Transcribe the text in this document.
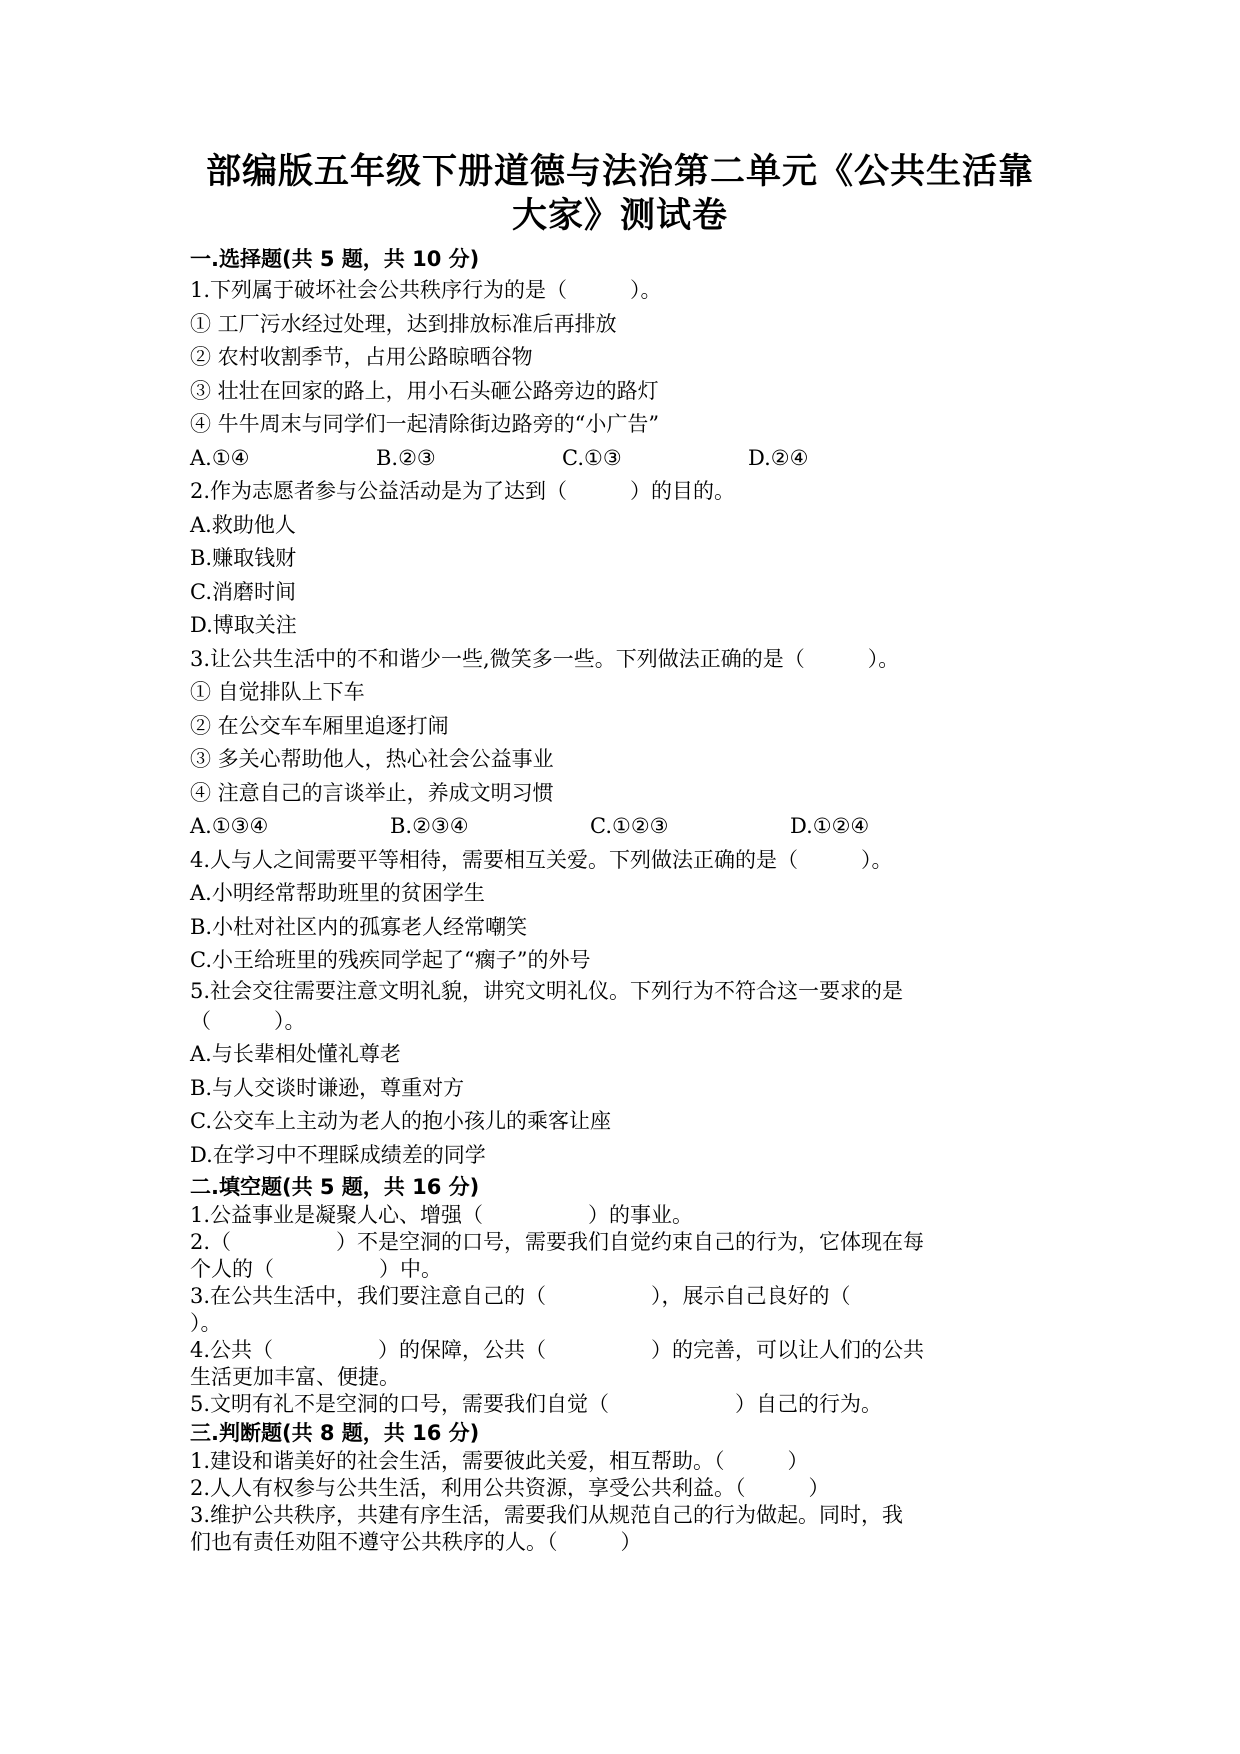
部编版五年级下册道德与法治第二单元《公共生活靠
大家》测试卷

一.选择题(共 5 题，共 10 分)

1.下列属于破坏社会公共秩序行为的是（　　　）。

① 工厂污水经过处理，达到排放标准后再排放

② 农村收割季节，占用公路晾晒谷物

③ 壮壮在回家的路上，用小石头砸公路旁边的路灯

④ 牛牛周末与同学们一起清除街边路旁的“小广告”

A.①④	B.②③	C.①③	D.②④

2.作为志愿者参与公益活动是为了达到（　　　）的目的。

A.救助他人

B.赚取钱财

C.消磨时间

D.博取关注

3.让公共生活中的不和谐少一些,微笑多一些。下列做法正确的是（　　　）。

① 自觉排队上下车

② 在公交车车厢里追逐打闹

③ 多关心帮助他人，热心社会公益事业

④ 注意自己的言谈举止，养成文明习惯

A.①③④	B.②③④	C.①②③	D.①②④

4.人与人之间需要平等相待，需要相互关爱。下列做法正确的是（　　　）。

A.小明经常帮助班里的贫困学生

B.小杜对社区内的孤寡老人经常嘲笑

C.小王给班里的残疾同学起了“瘸子”的外号

5.社会交往需要注意文明礼貌，讲究文明礼仪。下列行为不符合这一要求的是

（　　　）。

A.与长辈相处懂礼尊老

B.与人交谈时谦逊，尊重对方

C.公交车上主动为老人的抱小孩儿的乘客让座

D.在学习中不理睬成绩差的同学

二.填空题(共 5 题，共 16 分)

1.公益事业是凝聚人心、增强（　　　　　）的事业。

2.（　　　　　）不是空洞的口号，需要我们自觉约束自己的行为，它体现在每

个人的（　　　　　）中。

3.在公共生活中，我们要注意自己的（　　　　　），展示自己良好的（

）。

4.公共（　　　　　）的保障，公共（　　　　　）的完善，可以让人们的公共

生活更加丰富、便捷。

5.文明有礼不是空洞的口号，需要我们自觉（　　　　　　）自己的行为。

三.判断题(共 8 题，共 16 分)

1.建设和谐美好的社会生活，需要彼此关爱，相互帮助。（　　　）

2.人人有权参与公共生活，利用公共资源，享受公共利益。（　　　）

3.维护公共秩序，共建有序生活，需要我们从规范自己的行为做起。同时，我

们也有责任劝阻不遵守公共秩序的人。（　　　）
